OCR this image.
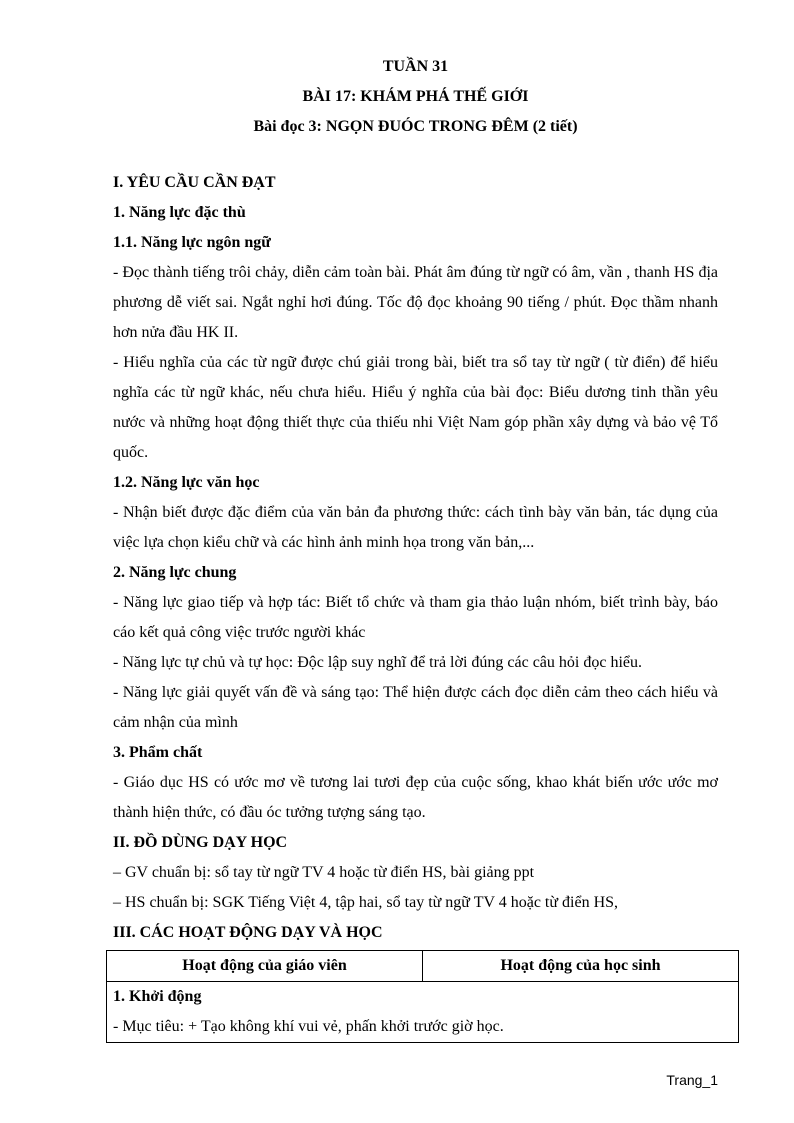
TUẦN 31

BÀI 17: KHÁM PHÁ THẾ GIỚI

Bài đọc 3: NGỌN ĐUÓC TRONG ĐÊM (2 tiết)

I. YÊU CẦU CẦN ĐẠT
1. Năng lực đặc thù
1.1. Năng lực ngôn ngữ

- Đọc thành tiếng trôi chảy, diễn cảm toàn bài. Phát âm đúng từ ngữ có âm, vần , thanh HS địa phương dễ viết sai. Ngắt nghỉ hơi đúng. Tốc độ đọc khoảng 90 tiếng / phút. Đọc thầm nhanh hơn nửa đầu HK II.

- Hiểu nghĩa của các từ ngữ được chú giải trong bài, biết tra sổ tay từ ngữ ( từ điển) để hiểu nghĩa các từ ngữ khác, nếu chưa hiểu. Hiểu ý nghĩa của bài đọc: Biểu dương tinh thần yêu nước và những hoạt động thiết thực của thiếu nhi Việt Nam góp phần xây dựng và bảo vệ Tổ quốc.

1.2. Năng lực văn học

- Nhận biết được đặc điểm của văn bản đa phương thức: cách tình bày văn bản, tác dụng của việc lựa chọn kiểu chữ và các hình ảnh minh họa trong văn bản,...

2. Năng lực chung

- Năng lực giao tiếp và hợp tác: Biết tổ chức và tham gia thảo luận nhóm, biết trình bày, báo cáo kết quả công việc trước người khác

- Năng lực tự chủ và tự học: Độc lập suy nghĩ để trả lời đúng các câu hỏi đọc hiểu.

- Năng lực giải quyết vấn đề và sáng tạo: Thể hiện được cách đọc diễn cảm theo cách hiểu và cảm nhận của mình

3. Phẩm chất

- Giáo dục HS có ước mơ về tương lai tươi đẹp của cuộc sống, khao khát biến ước ước mơ thành hiện thức, có đầu óc tưởng tượng sáng tạo.

II. ĐỒ DÙNG DẠY HỌC

– GV chuẩn bị: sổ tay từ ngữ TV 4 hoặc từ điển HS, bài giảng ppt

– HS chuẩn bị: SGK Tiếng Việt 4, tập hai, sổ tay từ ngữ TV 4 hoặc từ điển HS,

III. CÁC HOẠT ĐỘNG DẠY VÀ HỌC
Hoạt động của giáo viên	Hoạt động của học sinh

1. Khởi động
- Mục tiêu: + Tạo không khí vui vẻ, phấn khởi trước giờ học.
Trang_1
